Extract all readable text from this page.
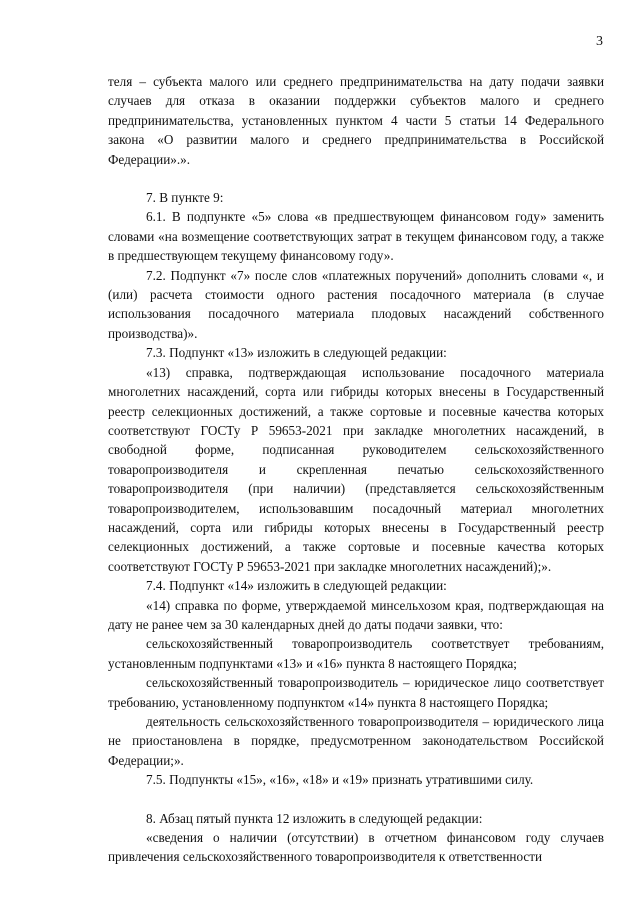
3

теля – субъекта малого или среднего предпринимательства на дату подачи заявки случаев для отказа в оказании поддержки субъектов малого и среднего предпринимательства, установленных пунктом 4 части 5 статьи 14 Федерального закона «О развитии малого и среднего предпринимательства в Российской Федерации».».

7. В пункте 9:

6.1. В подпункте «5» слова «в предшествующем финансовом году» заменить словами «на возмещение соответствующих затрат в текущем финансовом году, а также в предшествующем текущему финансовому году».

7.2. Подпункт «7» после слов «платежных поручений» дополнить словами «, и (или) расчета стоимости одного растения посадочного материала (в случае использования посадочного материала плодовых насаждений собственного производства)».

7.3. Подпункт «13» изложить в следующей редакции:

«13) справка, подтверждающая использование посадочного материала многолетних насаждений, сорта или гибриды которых внесены в Государственный реестр селекционных достижений, а также сортовые и посевные качества которых соответствуют ГОСТу Р 59653-2021 при закладке многолетних насаждений, в свободной форме, подписанная руководителем сельскохозяйственного товаропроизводителя и скрепленная печатью сельскохозяйственного товаропроизводителя (при наличии) (представляется сельскохозяйственным товаропроизводителем, использовавшим посадочный материал многолетних насаждений, сорта или гибриды которых внесены в Государственный реестр селекционных достижений, а также сортовые и посевные качества которых соответствуют ГОСТу Р 59653-2021 при закладке многолетних насаждений);».

7.4. Подпункт «14» изложить в следующей редакции:

«14) справка по форме, утверждаемой минсельхозом края, подтверждающая на дату не ранее чем за 30 календарных дней до даты подачи заявки, что:

сельскохозяйственный товаропроизводитель соответствует требованиям, установленным подпунктами «13» и «16» пункта 8 настоящего Порядка;

сельскохозяйственный товаропроизводитель – юридическое лицо соответствует требованию, установленному подпунктом «14» пункта 8 настоящего Порядка;

деятельность сельскохозяйственного товаропроизводителя – юридического лица не приостановлена в порядке, предусмотренном законодательством Российской Федерации;».

7.5. Подпункты «15», «16», «18» и «19» признать утратившими силу.

8. Абзац пятый пункта 12 изложить в следующей редакции:

«сведения о наличии (отсутствии) в отчетном финансовом году случаев привлечения сельскохозяйственного товаропроизводителя к ответственности
